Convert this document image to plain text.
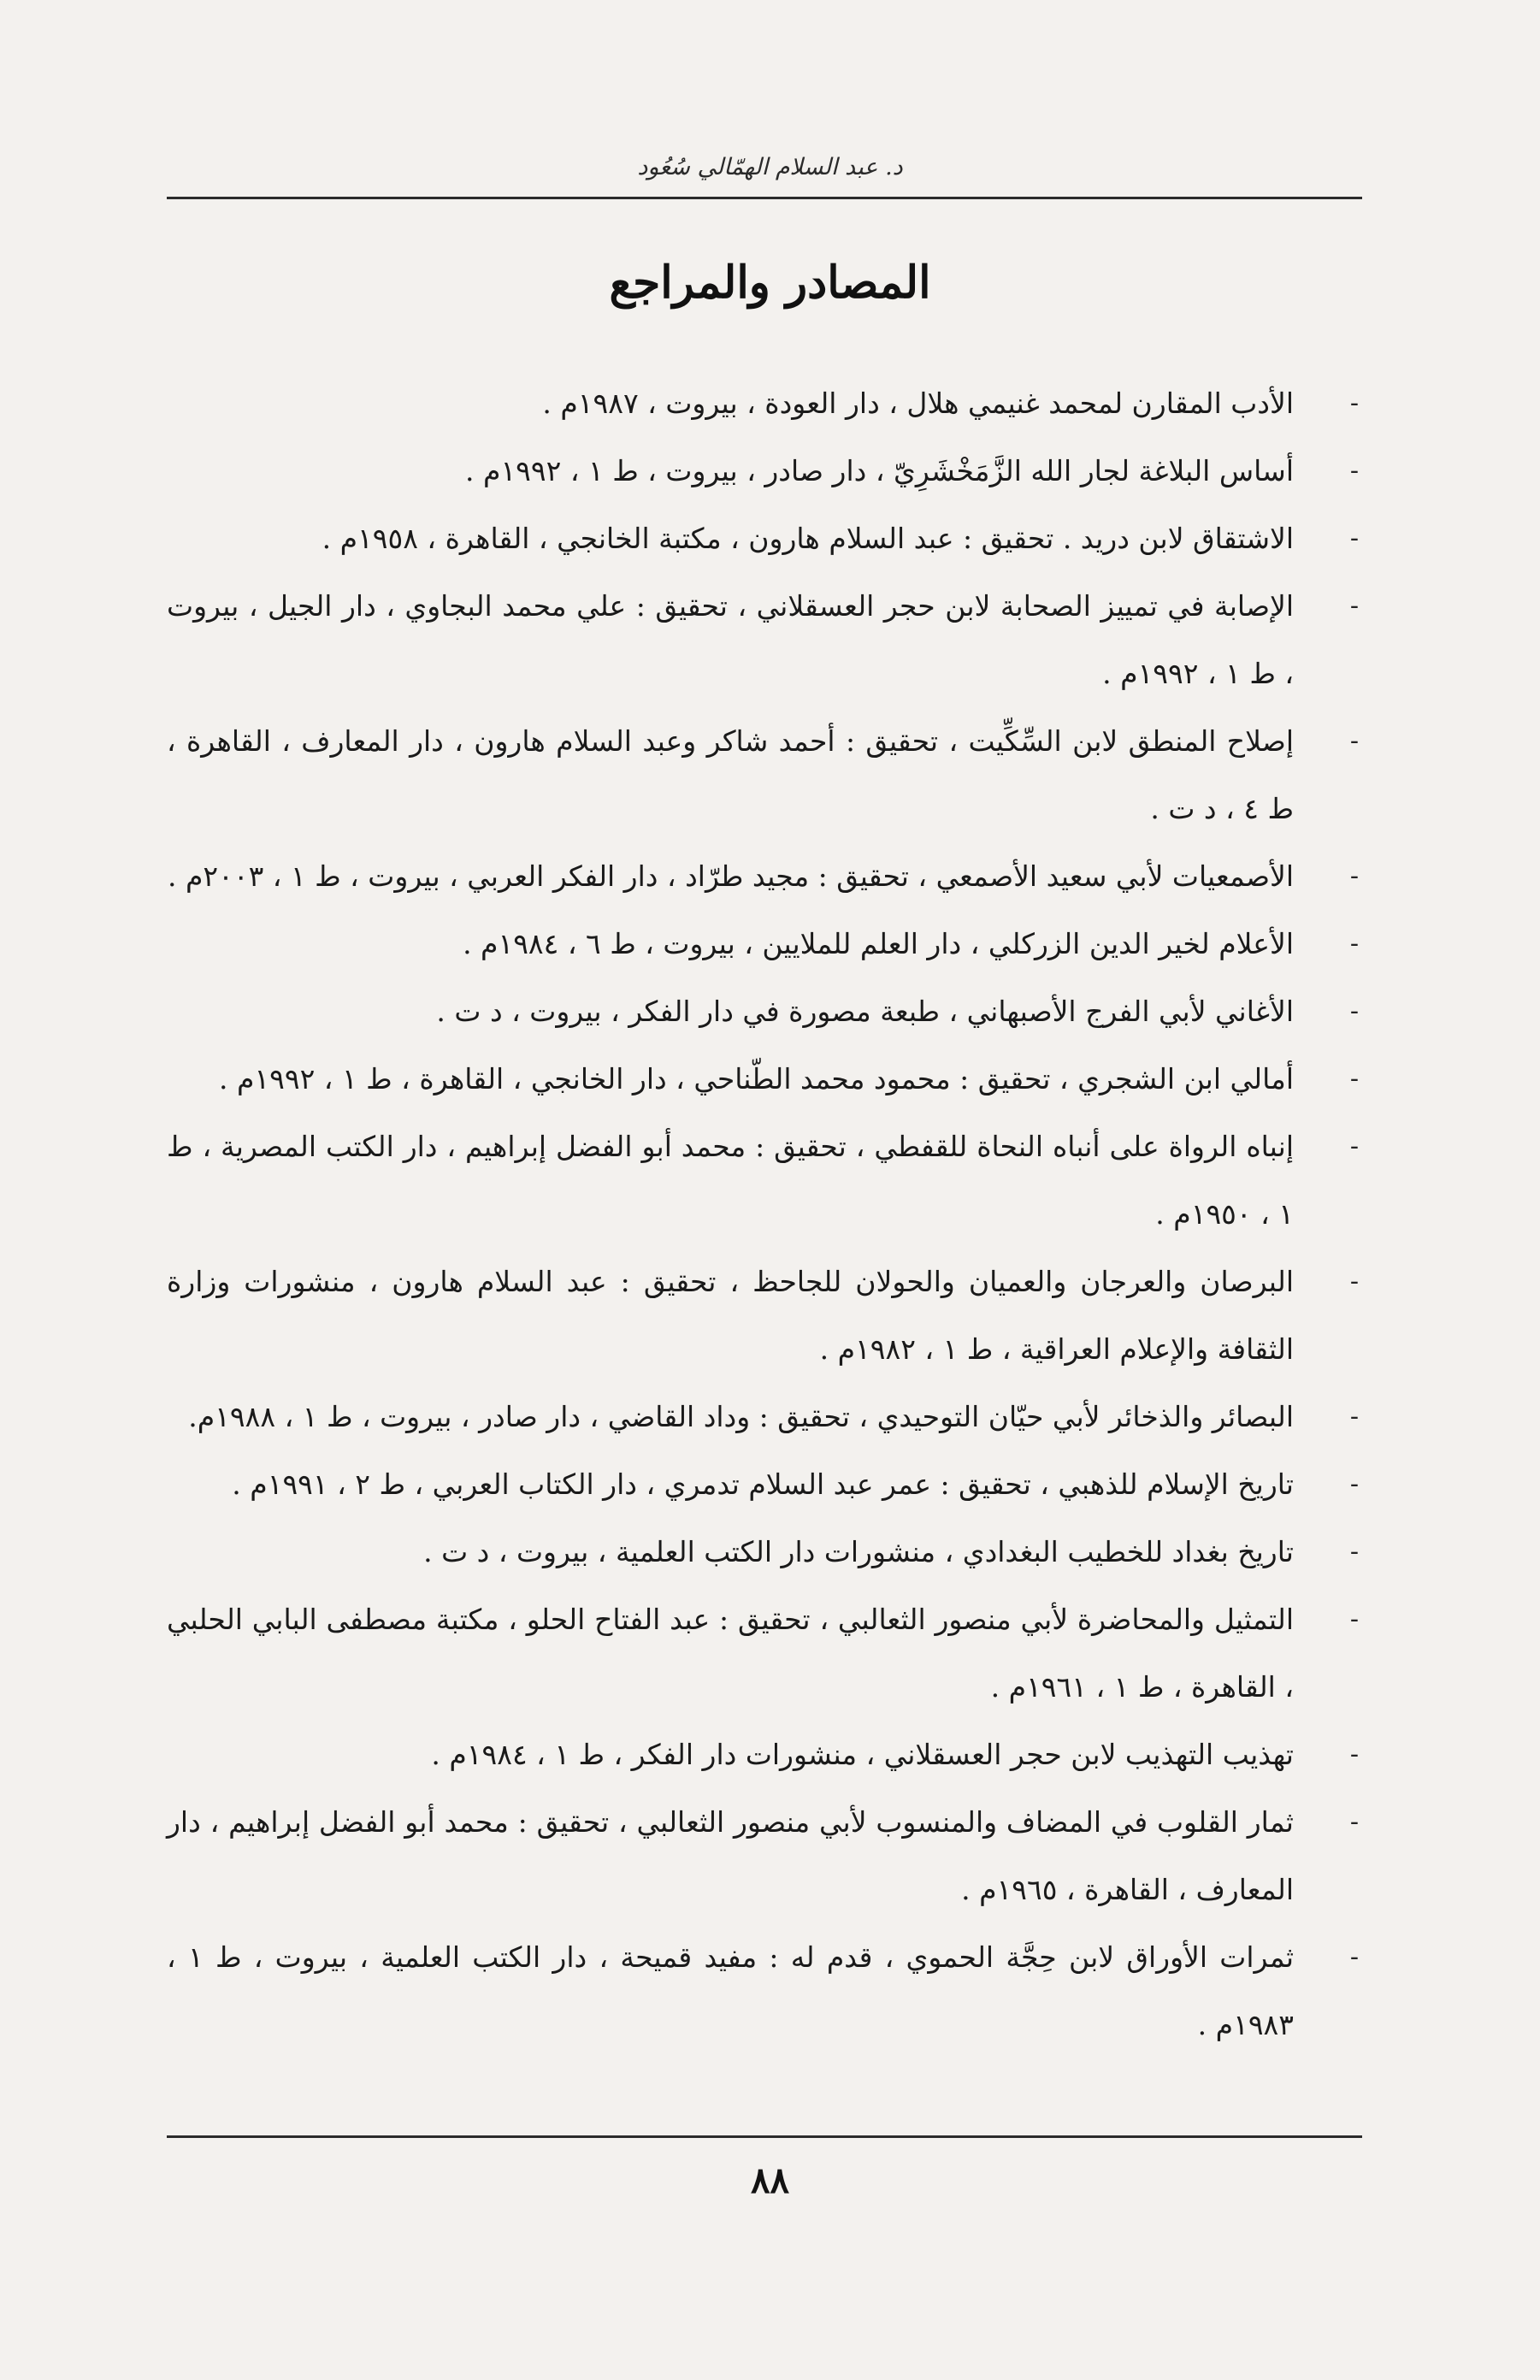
د. عبد السلام الهمّالي سُعُود
المصادر والمراجع
-
الأدب المقارن لمحمد غنيمي هلال ، دار العودة ، بيروت ، ١٩٨٧م .
-
أساس البلاغة لجار الله الزَّمَخْشَرِيّ ، دار صادر ، بيروت ، ط ١ ، ١٩٩٢م .
-
الاشتقاق لابن دريد . تحقيق : عبد السلام هارون ، مكتبة الخانجي ، القاهرة ، ١٩٥٨م .
-
الإصابة في تمييز الصحابة لابن حجر العسقلاني ، تحقيق : علي محمد البجاوي ، دار الجيل ، بيروت ، ط ١ ، ١٩٩٢م .
-
إصلاح المنطق لابن السِّكِّيت ، تحقيق : أحمد شاكر وعبد السلام هارون ، دار المعارف ، القاهرة ، ط ٤ ، د ت .
-
الأصمعيات لأبي سعيد الأصمعي ، تحقيق : مجيد طرّاد ، دار الفكر العربي ، بيروت ، ط ١ ، ٢٠٠٣م .
-
الأعلام لخير الدين الزركلي ، دار العلم للملايين ، بيروت ، ط ٦ ، ١٩٨٤م .
-
الأغاني لأبي الفرج الأصبهاني ، طبعة مصورة في دار الفكر ، بيروت ، د ت .
-
أمالي ابن الشجري ، تحقيق : محمود محمد الطّناحي ، دار الخانجي ، القاهرة ، ط ١ ، ١٩٩٢م .
-
إنباه الرواة على أنباه النحاة للقفطي ، تحقيق : محمد أبو الفضل إبراهيم ، دار الكتب المصرية ، ط ١ ، ١٩٥٠م .
-
البرصان والعرجان والعميان والحولان للجاحظ ، تحقيق : عبد السلام هارون ، منشورات وزارة الثقافة والإعلام العراقية ، ط ١ ، ١٩٨٢م .
-
البصائر والذخائر لأبي حيّان التوحيدي ، تحقيق : وداد القاضي ، دار صادر ، بيروت ، ط ١ ، ١٩٨٨م.
-
تاريخ الإسلام للذهبي ، تحقيق : عمر عبد السلام تدمري ، دار الكتاب العربي ، ط ٢ ، ١٩٩١م .
-
تاريخ بغداد للخطيب البغدادي ، منشورات دار الكتب العلمية ، بيروت ، د ت .
-
التمثيل والمحاضرة لأبي منصور الثعالبي ، تحقيق : عبد الفتاح الحلو ، مكتبة مصطفى البابي الحلبي ، القاهرة ، ط ١ ، ١٩٦١م .
-
تهذيب التهذيب لابن حجر العسقلاني ، منشورات دار الفكر ، ط ١ ، ١٩٨٤م .
-
ثمار القلوب في المضاف والمنسوب لأبي منصور الثعالبي ، تحقيق : محمد أبو الفضل إبراهيم ، دار المعارف ، القاهرة ، ١٩٦٥م .
-
ثمرات الأوراق لابن حِجَّة الحموي ، قدم له : مفيد قميحة ، دار الكتب العلمية ، بيروت ، ط ١ ، ١٩٨٣م .
٨٨
